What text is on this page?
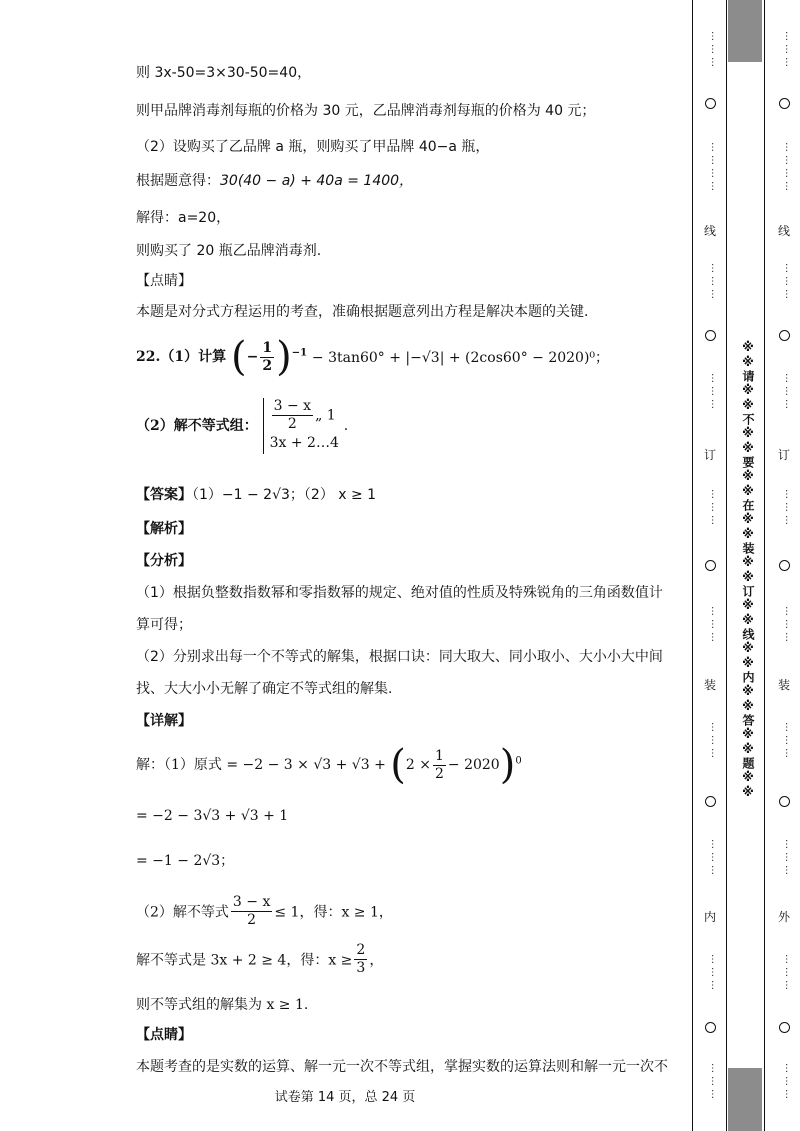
则 3x-50=3×30-50=40，
则甲品牌消毒剂每瓶的价格为 30 元，乙品牌消毒剂每瓶的价格为 40 元；
（2）设购买了乙品牌 a 瓶，则购买了甲品牌 40−a 瓶，
根据题意得：30(40 − a) + 40a = 1400，
解得：a=20，
则购买了 20 瓶乙品牌消毒剂.
【点睛】
本题是对分式方程运用的考查，准确根据题意列出方程是解决本题的关键.
22.（1）计算 (− $\frac{1}{2} )^{-1} - 3\tan 60^\circ + |-√3| + (2\cos 60^\circ - 2020)^0$；
（2）解不等式组： $\frac{3 - x}{2}$ „ 1
3x + 2…4
.
【答案】（1）−1 − 2√3；（2） x ≥ 1
【解析】
【分析】
（1）根据负整数指数幂和零指数幂的规定、绝对值的性质及特殊锐角的三角函数值计
算可得；
（2）分别求出每一个不等式的解集，根据口诀：同大取大、同小取小、大小小大中间
找、大大小小无解了确定不等式组的解集.
【详解】
解：（1）原式 = $-2 - 3 \times √3 + √3 + (2 \times \frac{1}{2} - 2020)^0$
= −2 − 3√3 + √3 + 1
= −1 − 2√3；
（2）解不等式 $\frac{3 - x}{2} \le 1$，得：x ≥ 1，
解不等式是 3x + 2 ≥ 4，得：$x \ge \frac{2}{3}$ ，
则不等式组的解集为 x ≥ 1.
【点睛】
本题考查的是实数的运算、解一元一次不等式组，掌握实数的运算法则和解一元一次不
试卷第 14 页，总 24 页
※※请※※不※※要※※在※※装※※订※※线※※内※※答※※题※※
………
…………
线
………
………
订
………
………
装
………
………
内
………
………
………
…………
线
………
………
订
………
………
装
………
………
外
………
………
